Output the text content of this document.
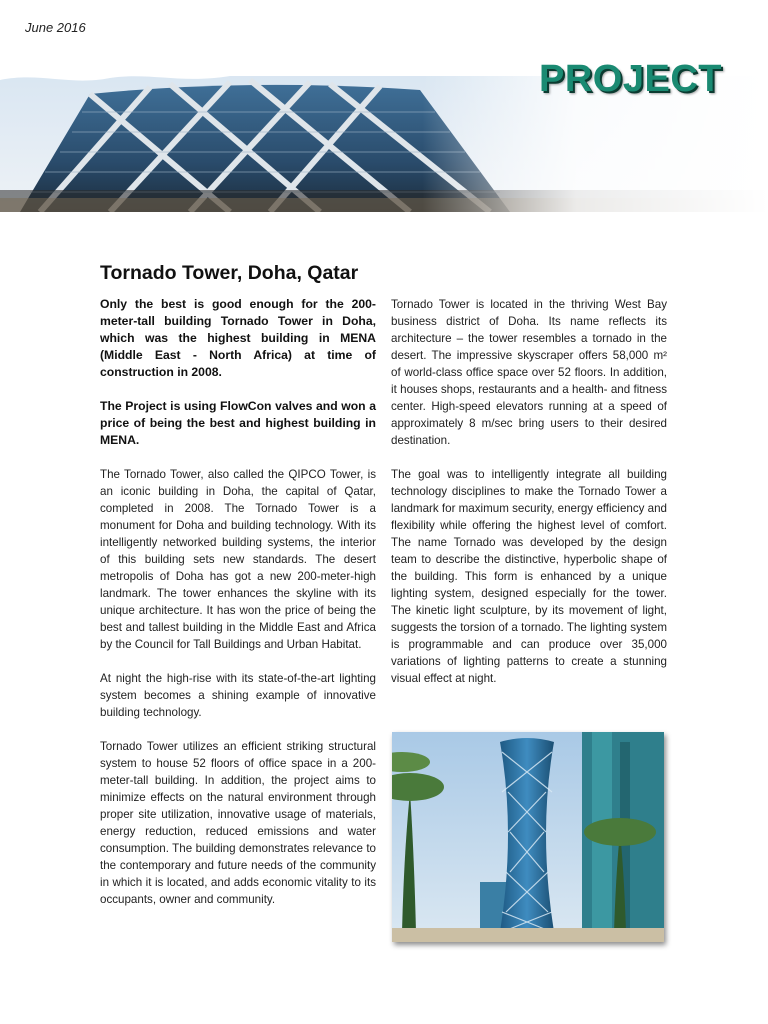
June 2016
PROJECT
Tornado Tower, Doha, Qatar

Only the best is good enough for the 200-meter-tall building Tornado Tower in Doha, which was the highest building in MENA (Middle East - North Africa) at time of construction in 2008.

The Project is using FlowCon valves and won a price of being the best and highest building in MENA.

The Tornado Tower, also called the QIPCO Tower, is an iconic building in Doha, the capital of Qatar, completed in 2008. The Tornado Tower is a monument for Doha and building technology. With its intelligently networked building systems, the interior of this building sets new standards. The desert metropolis of Doha has got a new 200-meter-high landmark. The tower enhances the skyline with its unique architecture. It has won the price of being the best and tallest building in the Middle East and Africa by the Council for Tall Buildings and Urban Habitat.

At night the high-rise with its state-of-the-art lighting system becomes a shining example of innovative building technology.

Tornado Tower utilizes an efficient striking structural system to house 52 floors of office space in a 200-meter-tall building. In addition, the project aims to minimize effects on the natural environment through proper site utilization, innovative usage of materials, energy reduction, reduced emissions and water consumption. The building demonstrates relevance to the contemporary and future needs of the community in which it is located, and adds economic vitality to its occupants, owner and community.

Tornado Tower is located in the thriving West Bay business district of Doha. Its name reflects its architecture – the tower resembles a tornado in the desert. The impressive skyscraper offers 58,000 m² of world-class office space over 52 floors. In addition, it houses shops, restaurants and a health- and fitness center. High-speed elevators running at a speed of approximately 8 m/sec bring users to their desired destination.

The goal was to intelligently integrate all building technology disciplines to make the Tornado Tower a landmark for maximum security, energy efficiency and flexibility while offering the highest level of comfort. The name Tornado was developed by the design team to describe the distinctive, hyperbolic shape of the building. This form is enhanced by a unique lighting system, designed especially for the tower. The kinetic light sculpture, by its movement of light, suggests the torsion of a tornado. The lighting system is programmable and can produce over 35,000 variations of lighting patterns to create a stunning visual effect at night.
